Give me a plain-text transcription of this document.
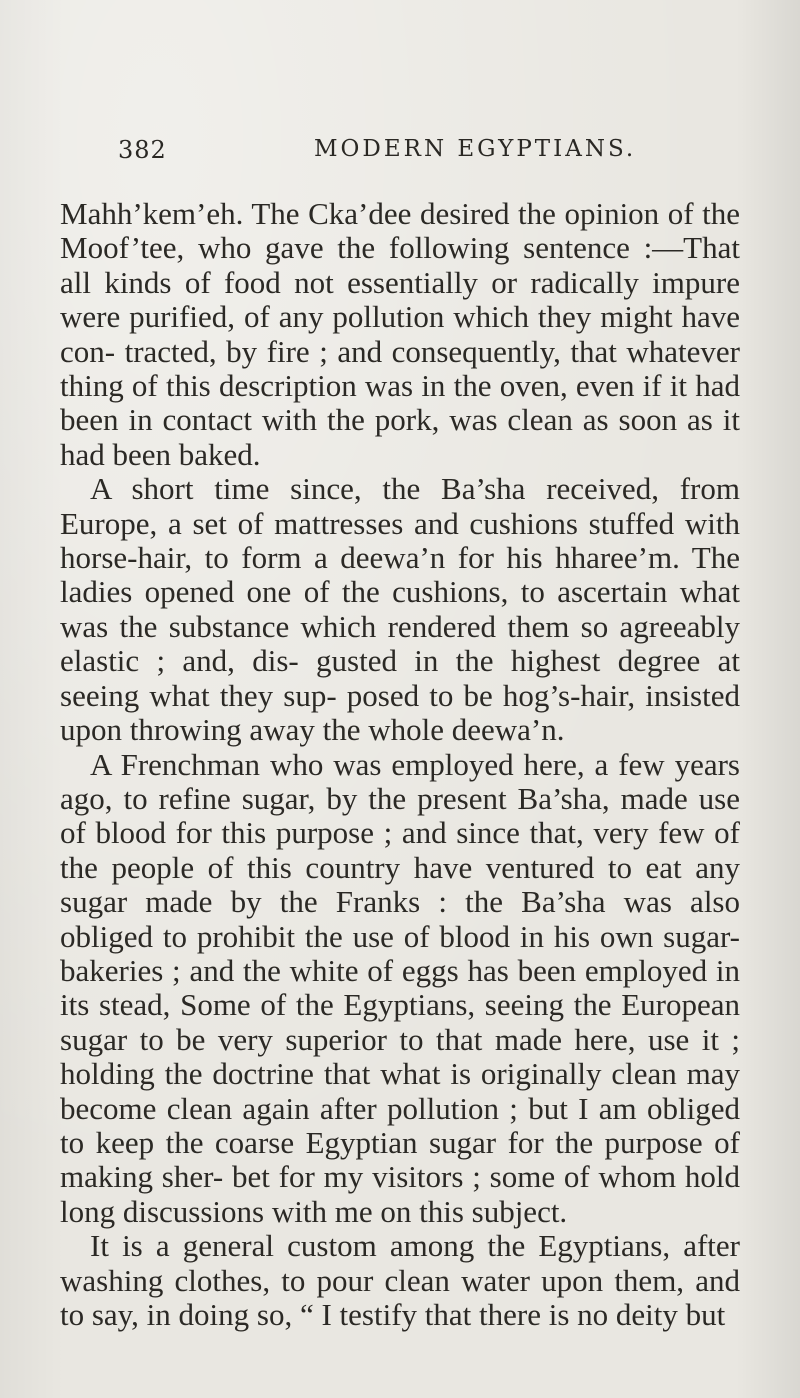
382	MODERN EGYPTIANS.

Mahh’kem’eh. The Cka’dee desired the opinion of the Moof’tee, who gave the following sentence :—That all kinds of food not essentially or radically impure were purified, of any pollution which they might have con- tracted, by fire ; and consequently, that whatever thing of this description was in the oven, even if it had been in contact with the pork, was clean as soon as it had been baked.

A short time since, the Ba’sha received, from Europe, a set of mattresses and cushions stuffed with horse-hair, to form a deewa’n for his hharee’m. The ladies opened one of the cushions, to ascertain what was the substance which rendered them so agreeably elastic ; and, dis- gusted in the highest degree at seeing what they sup- posed to be hog’s-hair, insisted upon throwing away the whole deewa’n.

A Frenchman who was employed here, a few years ago, to refine sugar, by the present Ba’sha, made use of blood for this purpose ; and since that, very few of the people of this country have ventured to eat any sugar made by the Franks : the Ba’sha was also obliged to prohibit the use of blood in his own sugar-bakeries ; and the white of eggs has been employed in its stead, Some of the Egyptians, seeing the European sugar to be very superior to that made here, use it ; holding the doctrine that what is originally clean may become clean again after pollution ; but I am obliged to keep the coarse Egyptian sugar for the purpose of making sher- bet for my visitors ; some of whom hold long discussions with me on this subject.

It is a general custom among the Egyptians, after washing clothes, to pour clean water upon them, and to say, in doing so, “ I testify that there is no deity but
